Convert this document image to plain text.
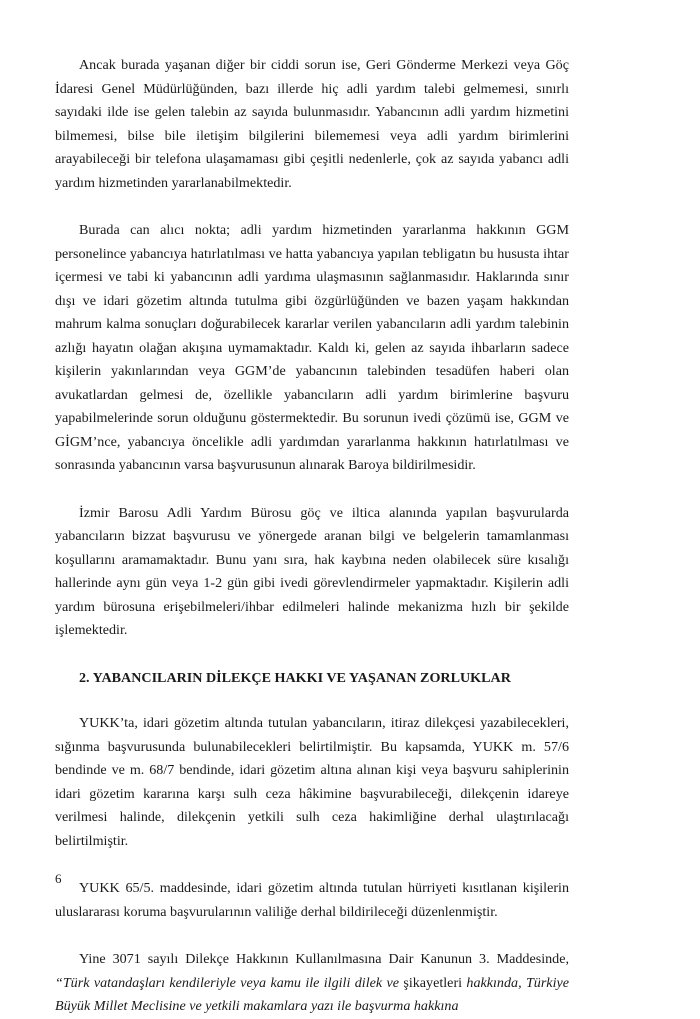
Ancak burada yaşanan diğer bir ciddi sorun ise, Geri Gönderme Merkezi veya Göç İdaresi Genel Müdürlüğünden, bazı illerde hiç adli yardım talebi gelmemesi, sınırlı sayıdaki ilde ise gelen talebin az sayıda bulunmasıdır. Yabancının adli yardım hizmetini bilmemesi, bilse bile iletişim bilgilerini bilememesi veya adli yardım birimlerini arayabileceği bir telefona ulaşamaması gibi çeşitli nedenlerle, çok az sayıda yabancı adli yardım hizmetinden yararlanabilmektedir.

Burada can alıcı nokta; adli yardım hizmetinden yararlanma hakkının GGM personelince yabancıya hatırlatılması ve hatta yabancıya yapılan tebligatın bu hususta ihtar içermesi ve tabi ki yabancının adli yardıma ulaşmasının sağlanmasıdır. Haklarında sınır dışı ve idari gözetim altında tutulma gibi özgürlüğünden ve bazen yaşam hakkından mahrum kalma sonuçları doğurabilecek kararlar verilen yabancıların adli yardım talebinin azlığı hayatın olağan akışına uymamaktadır. Kaldı ki, gelen az sayıda ihbarların sadece kişilerin yakınlarından veya GGM’de yabancının talebinden tesadüfen haberi olan avukatlardan gelmesi de, özellikle yabancıların adli yardım birimlerine başvuru yapabilmelerinde sorun olduğunu göstermektedir. Bu sorunun ivedi çözümü ise, GGM ve GİGM’nce, yabancıya öncelikle adli yardımdan yararlanma hakkının hatırlatılması ve sonrasında yabancının varsa başvurusunun alınarak Baroya bildirilmesidir.

İzmir Barosu Adli Yardım Bürosu göç ve iltica alanında yapılan başvurularda yabancıların bizzat başvurusu ve yönergede aranan bilgi ve belgelerin tamamlanması koşullarını aramamaktadır. Bunu yanı sıra, hak kaybına neden olabilecek süre kısalığı hallerinde aynı gün veya 1-2 gün gibi ivedi görevlendirmeler yapmaktadır. Kişilerin adli yardım bürosuna erişebilmeleri/ihbar edilmeleri halinde mekanizma hızlı bir şekilde işlemektedir.

2. YABANCILARIN DİLEKÇE HAKKI VE YAŞANAN ZORLUKLAR

YUKK’ta, idari gözetim altında tutulan yabancıların, itiraz dilekçesi yazabilecekleri, sığınma başvurusunda bulunabilecekleri belirtilmiştir. Bu kapsamda, YUKK m. 57/6 bendinde ve m. 68/7 bendinde, idari gözetim altına alınan kişi veya başvuru sahiplerinin idari gözetim kararına karşı sulh ceza hâkimine başvurabileceği, dilekçenin idareye verilmesi halinde, dilekçenin yetkili sulh ceza hakimliğine derhal ulaştırılacağı belirtilmiştir.

YUKK 65/5. maddesinde, idari gözetim altında tutulan hürriyeti kısıtlanan kişilerin uluslararası koruma başvurularının valiliğe derhal bildirileceği düzenlenmiştir.

Yine 3071 sayılı Dilekçe Hakkının Kullanılmasına Dair Kanunun 3. Maddesinde, “Türk vatandaşları kendileriyle veya kamu ile ilgili dilek ve şikayetleri hakkında, Türkiye Büyük Millet Meclisine ve yetkili makamlara yazı ile başvurma hakkına

6
